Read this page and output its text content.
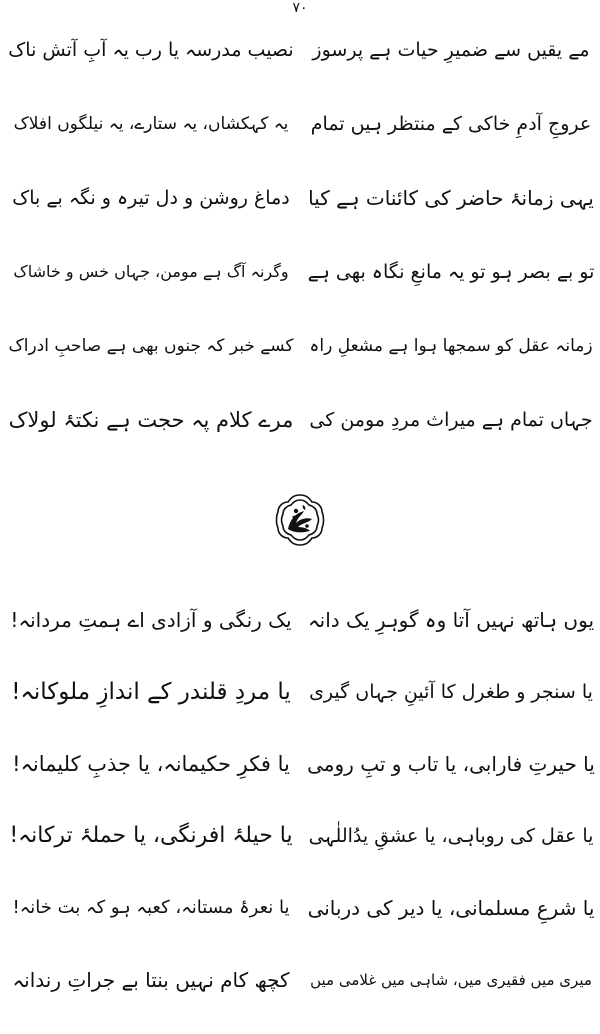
۷۰
مے یقیں سے ضمیرِ حیات ہے پرسوز
نصیب مدرسہ یا رب یہ آبِ آتش ناک
عروجِ آدمِ خاکی کے منتظر ہیں تمام
یہ کہکشاں، یہ ستارے، یہ نیلگوں افلاک
یہی زمانۂ حاضر کی کائنات ہے کیا
دماغ روشن و دل تیرہ و نگہ بے باک
تو بے بصر ہو تو یہ مانعِ نگاہ بھی ہے
وگرنہ آگ ہے مومن، جہاں خس و خاشاک
زمانہ عقل کو سمجھا ہوا ہے مشعلِ راہ
کسے خبر کہ جنوں بھی ہے صاحبِ ادراک
جہاں تمام ہے میراث مردِ مومن کی
مرے کلام پہ حجت ہے نکتۂ لولاک
یوں ہاتھ نہیں آتا وہ گوہرِ یک دانہ
یک رنگی و آزادی اے ہمتِ مردانہ!
یا سنجر و طغرل کا آئینِ جہاں گیری
یا مردِ قلندر کے اندازِ ملوکانہ!
یا حیرتِ فارابی، یا تاب و تبِ رومی
یا فکرِ حکیمانہ، یا جذبِ کلیمانہ!
یا عقل کی روباہی، یا عشقِ یدُاللٰہی
یا حیلۂ افرنگی، یا حملۂ ترکانہ!
یا شرعِ مسلمانی، یا دیر کی دربانی
یا نعرۂ مستانہ، کعبہ ہو کہ بت خانہ!
میری میں فقیری میں، شاہی میں غلامی میں
کچھ کام نہیں بنتا بے جراتِ رندانہ
